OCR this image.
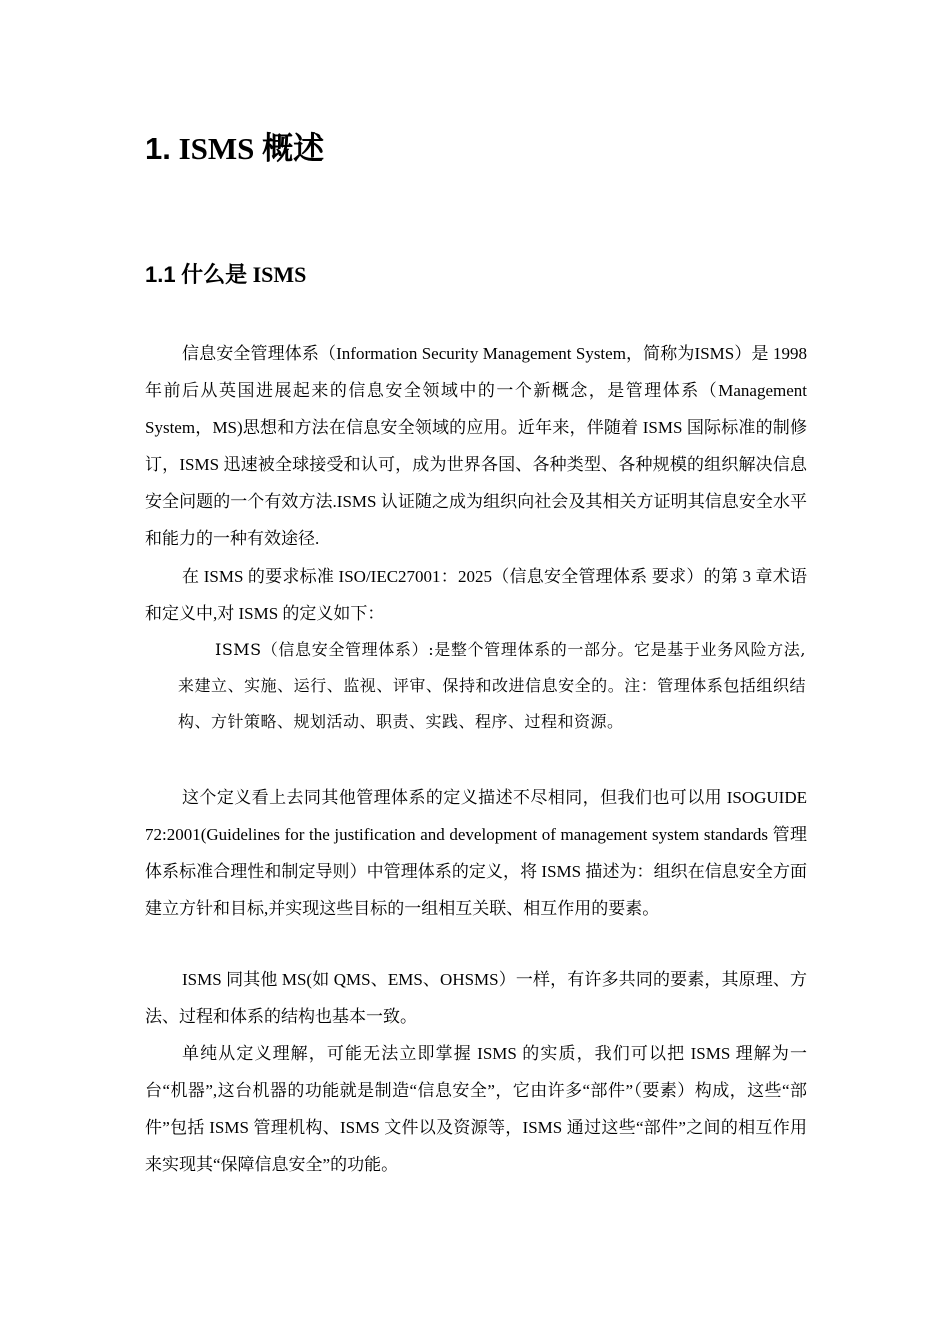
1. ISMS 概述
1.1 什么是 ISMS
信息安全管理体系（Information Security Management System，简称为ISMS）是 1998 年前后从英国进展起来的信息安全领域中的一个新概念，是管理体系（Management System，MS)思想和方法在信息安全领域的应用。近年来，伴随着 ISMS 国际标准的制修订，ISMS 迅速被全球接受和认可，成为世界各国、各种类型、各种规模的组织解决信息安全问题的一个有效方法.ISMS 认证随之成为组织向社会及其相关方证明其信息安全水平和能力的一种有效途径.
在 ISMS 的要求标准 ISO/IEC27001：2025（信息安全管理体系 要求）的第 3 章术语和定义中,对 ISMS 的定义如下：
ISMS（信息安全管理体系）:是整个管理体系的一部分。它是基于业务风险方法,来建立、实施、运行、监视、评审、保持和改进信息安全的。注：管理体系包括组织结构、方针策略、规划活动、职责、实践、程序、过程和资源。
这个定义看上去同其他管理体系的定义描述不尽相同，但我们也可以用 ISOGUIDE 72:2001(Guidelines for the justification and development of management system standards 管理体系标准合理性和制定导则）中管理体系的定义，将 ISMS 描述为：组织在信息安全方面建立方针和目标,并实现这些目标的一组相互关联、相互作用的要素。
ISMS 同其他 MS(如 QMS、EMS、OHSMS）一样，有许多共同的要素，其原理、方法、过程和体系的结构也基本一致。
单纯从定义理解，可能无法立即掌握 ISMS 的实质，我们可以把 ISMS 理解为一台“机器”,这台机器的功能就是制造“信息安全”，它由许多“部件”（要素）构成，这些“部件”包括 ISMS 管理机构、ISMS 文件以及资源等，ISMS 通过这些“部件”之间的相互作用来实现其“保障信息安全”的功能。
